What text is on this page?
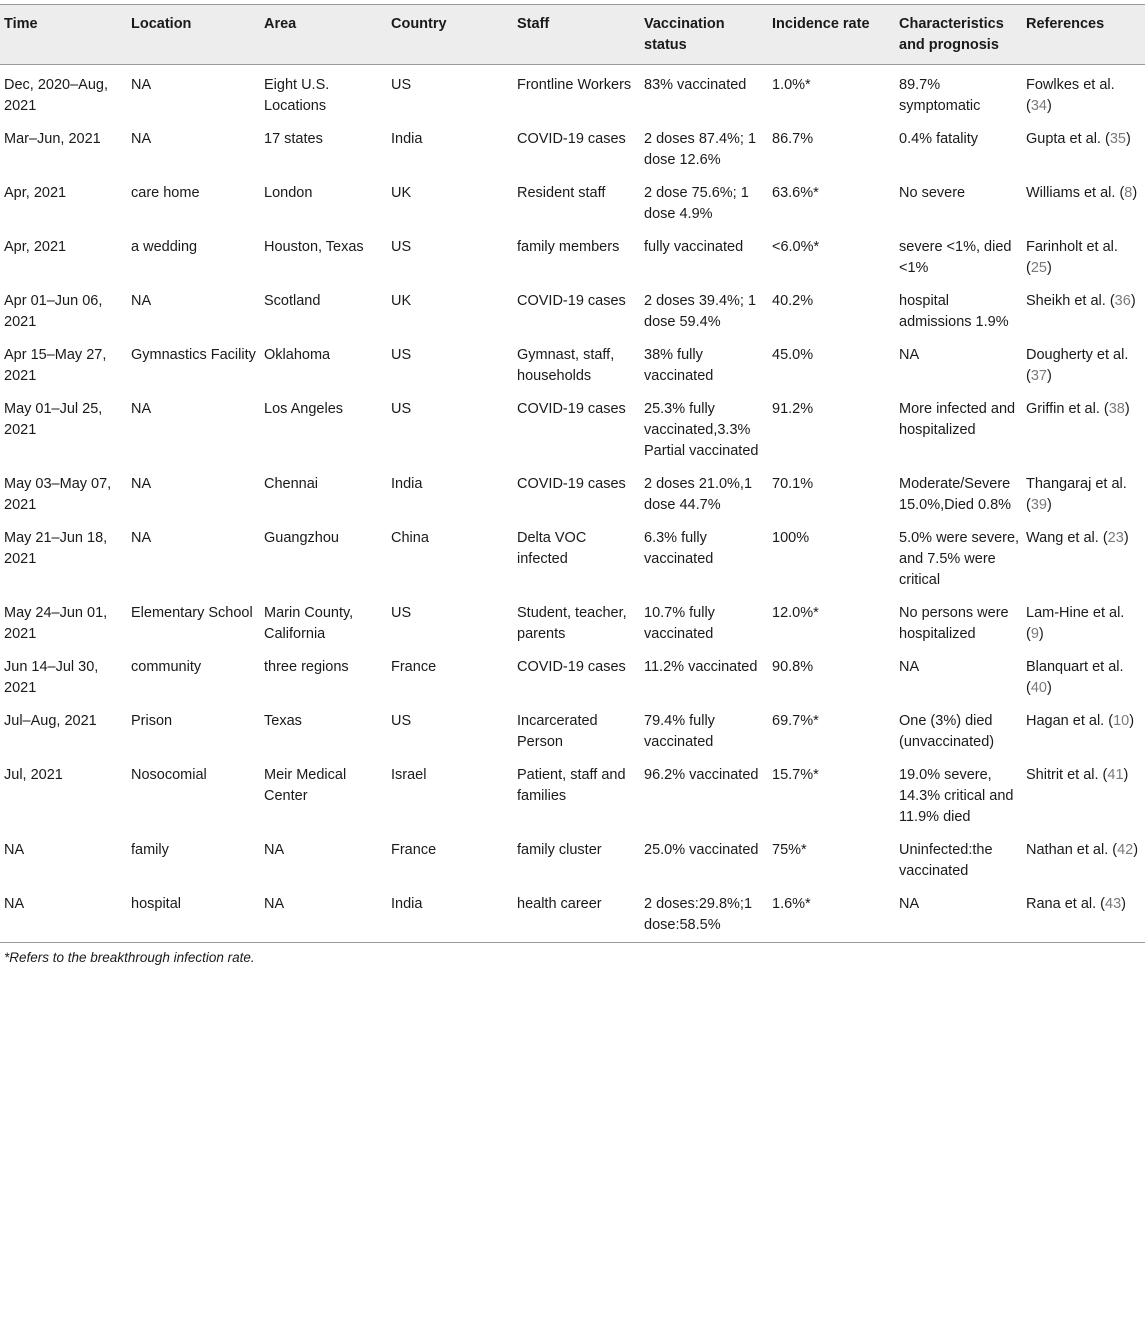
Time	Location	Area	Country	Staff	Vaccination status	Incidence rate	Characteristics and prognosis	References
Dec, 2020–Aug, 2021	NA	Eight U.S. Locations	US	Frontline Workers	83% vaccinated	1.0%*	89.7% symptomatic	Fowlkes et al. (34)
Mar–Jun, 2021	NA	17 states	India	COVID-19 cases	2 doses 87.4%; 1 dose 12.6%	86.7%	0.4% fatality	Gupta et al. (35)
Apr, 2021	care home	London	UK	Resident staff	2 dose 75.6%; 1 dose 4.9%	63.6%*	No severe	Williams et al. (8)
Apr, 2021	a wedding	Houston, Texas	US	family members	fully vaccinated	<6.0%*	severe <1%, died <1%	Farinholt et al. (25)
Apr 01–Jun 06, 2021	NA	Scotland	UK	COVID-19 cases	2 doses 39.4%; 1 dose 59.4%	40.2%	hospital admissions 1.9%	Sheikh et al. (36)
Apr 15–May 27, 2021	Gymnastics Facility	Oklahoma	US	Gymnast, staff, households	38% fully vaccinated	45.0%	NA	Dougherty et al. (37)
May 01–Jul 25, 2021	NA	Los Angeles	US	COVID-19 cases	25.3% fully vaccinated,3.3% Partial vaccinated	91.2%	More infected and hospitalized	Griffin et al. (38)
May 03–May 07, 2021	NA	Chennai	India	COVID-19 cases	2 doses 21.0%,1 dose 44.7%	70.1%	Moderate/Severe 15.0%,Died 0.8%	Thangaraj et al. (39)
May 21–Jun 18, 2021	NA	Guangzhou	China	Delta VOC infected	6.3% fully vaccinated	100%	5.0% were severe, and 7.5% were critical	Wang et al. (23)
May 24–Jun 01, 2021	Elementary School	Marin County, California	US	Student, teacher, parents	10.7% fully vaccinated	12.0%*	No persons were hospitalized	Lam-Hine et al. (9)
Jun 14–Jul 30, 2021	community	three regions	France	COVID-19 cases	11.2% vaccinated	90.8%	NA	Blanquart et al. (40)
Jul–Aug, 2021	Prison	Texas	US	Incarcerated Person	79.4% fully vaccinated	69.7%*	One (3%) died (unvaccinated)	Hagan et al. (10)
Jul, 2021	Nosocomial	Meir Medical Center	Israel	Patient, staff and families	96.2% vaccinated	15.7%*	19.0% severe, 14.3% critical and 11.9% died	Shitrit et al. (41)
NA	family	NA	France	family cluster	25.0% vaccinated	75%*	Uninfected:the vaccinated	Nathan et al. (42)
NA	hospital	NA	India	health career	2 doses:29.8%;1 dose:58.5%	1.6%*	NA	Rana et al. (43)
*Refers to the breakthrough infection rate.
